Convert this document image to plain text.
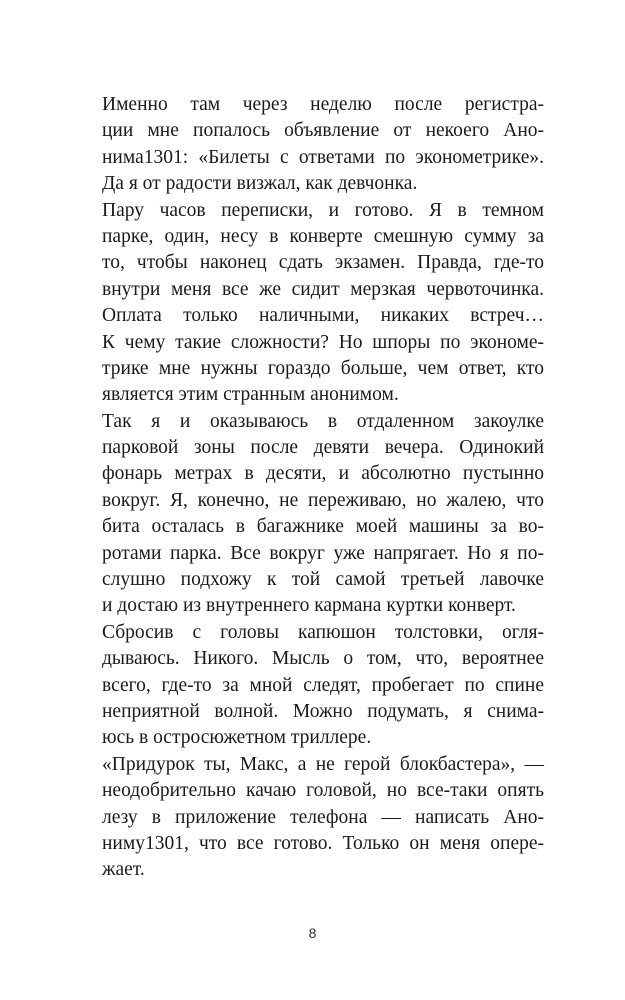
Именно там через неделю после регистра-
ции мне попалось объявление от некоего Ано-
нима1301: «Билеты с ответами по эконометрике».
Да я от радости визжал, как девчонка.
Пару часов переписки, и готово. Я в темном
парке, один, несу в конверте смешную сумму за
то, чтобы наконец сдать экзамен. Правда, где-то
внутри меня все же сидит мерзкая червоточинка.
Оплата только наличными, никаких встреч…
К чему такие сложности? Но шпоры по экономе-
трике мне нужны гораздо больше, чем ответ, кто
является этим странным анонимом.
Так я и оказываюсь в отдаленном закоулке
парковой зоны после девяти вечера. Одинокий
фонарь метрах в десяти, и абсолютно пустынно
вокруг. Я, конечно, не переживаю, но жалею, что
бита осталась в багажнике моей машины за во-
ротами парка. Все вокруг уже напрягает. Но я по-
слушно подхожу к той самой третьей лавочке
и достаю из внутреннего кармана куртки конверт.
Сбросив с головы капюшон толстовки, огля-
дываюсь. Никого. Мысль о том, что, вероятнее
всего, где-то за мной следят, пробегает по спине
неприятной волной. Можно подумать, я снима-
юсь в остросюжетном триллере.
«Придурок ты, Макс, а не герой блокбастера», —
неодобрительно качаю головой, но все-таки опять
лезу в приложение телефона — написать Ано-
ниму1301, что все готово. Только он меня опере-
жает.
8
